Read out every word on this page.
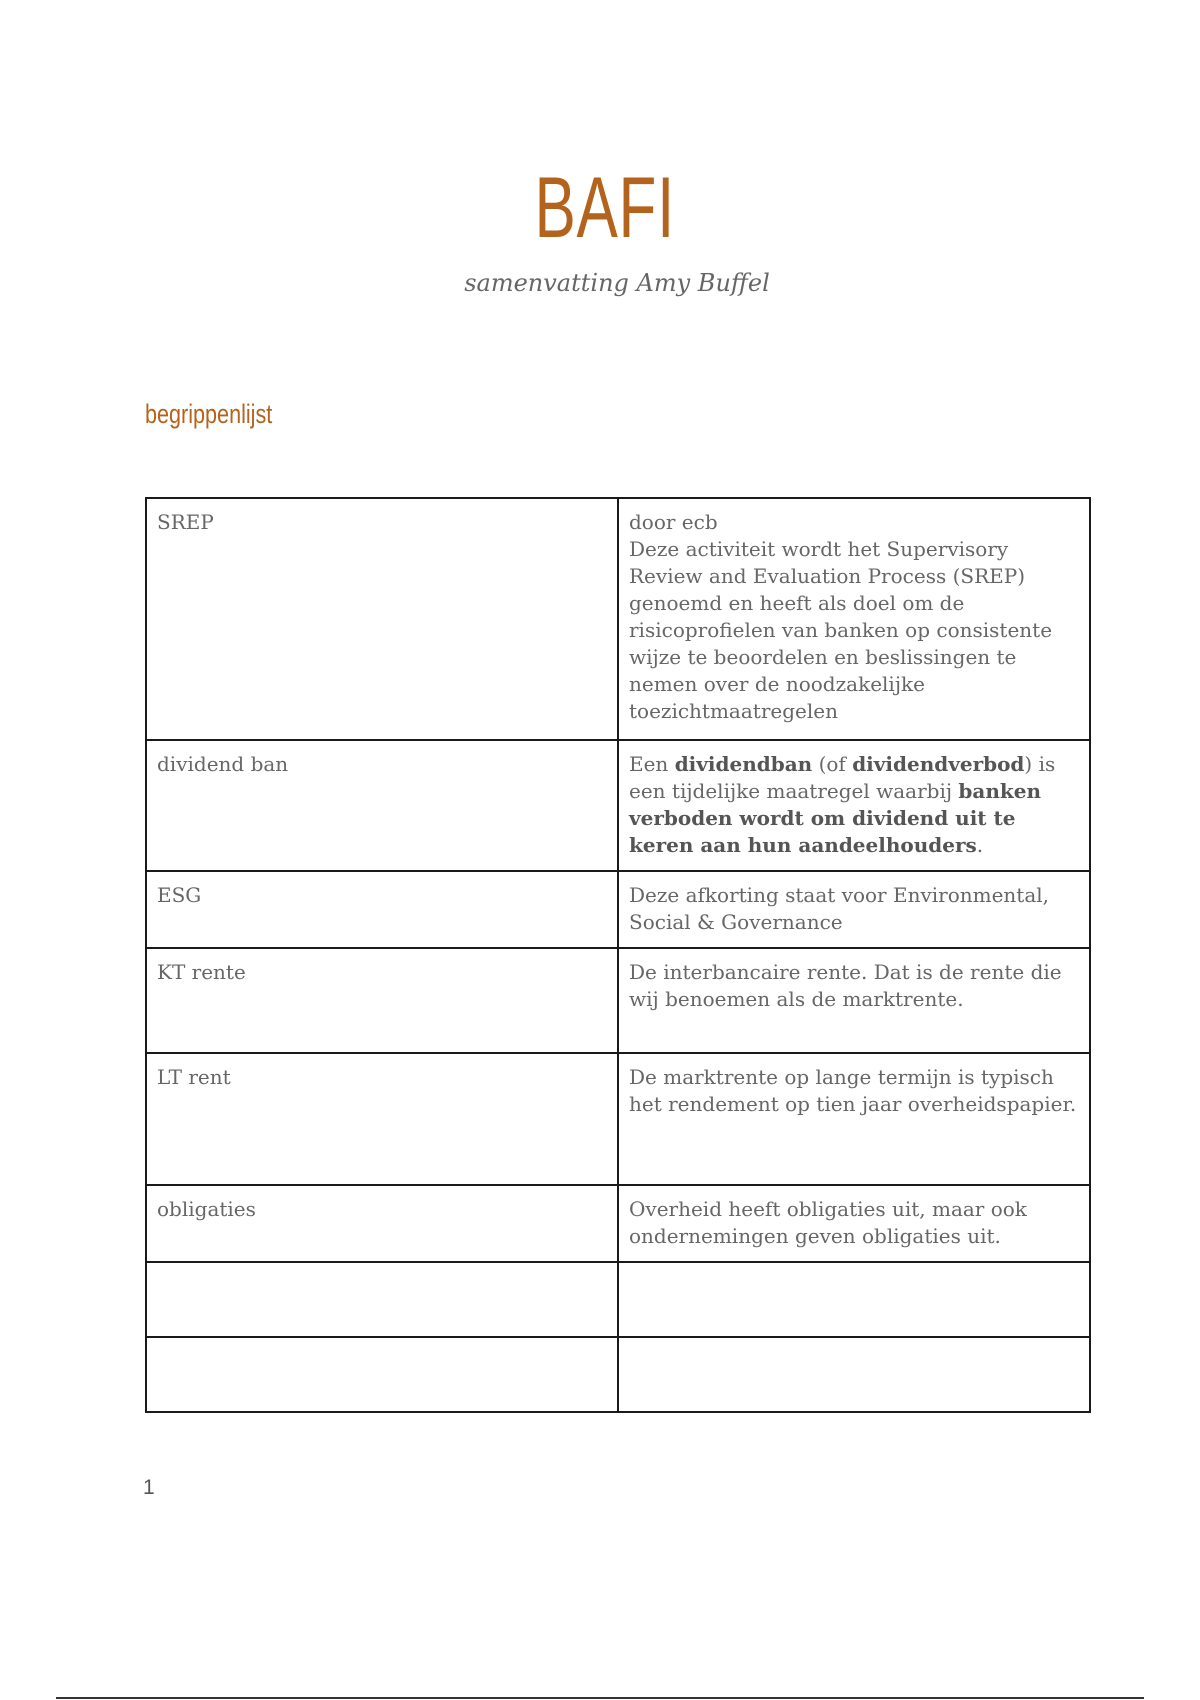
BAFI
samenvatting Amy Buffel
begrippenlijst
SREP	door ecb
Deze activiteit wordt het Supervisory Review and Evaluation Process (SREP) genoemd en heeft als doel om de risicoprofielen van banken op consistente wijze te beoordelen en beslissingen te nemen over de noodzakelijke toezichtmaatregelen

dividend ban	Een dividendban (of dividendverbod) is een tijdelijke maatregel waarbij banken verboden wordt om dividend uit te keren aan hun aandeelhouders.
ESG	Deze afkorting staat voor Environmental, Social & Governance
KT rente	De interbancaire rente. Dat is de rente die wij benoemen als de marktrente.
LT rent	De marktrente op lange termijn is typisch het rendement op tien jaar overheidspapier.
obligaties	Overheid heeft obligaties uit, maar ook ondernemingen geven obligaties uit.

1
